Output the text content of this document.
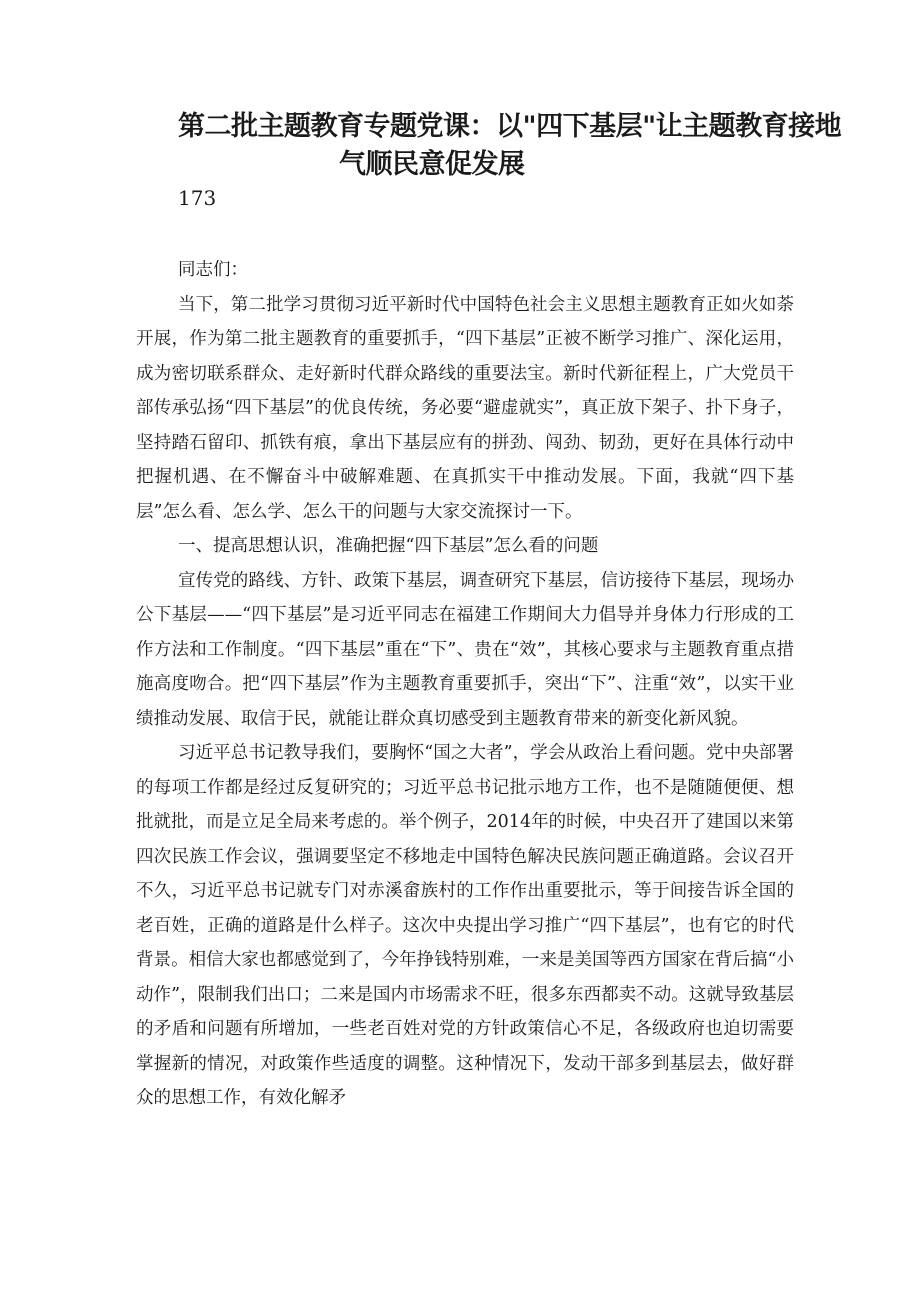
第二批主题教育专题党课：以"四下基层"让主题教育接地
气顺民意促发展
173

同志们：

当下，第二批学习贯彻习近平新时代中国特色社会主义思想主题教育正如火如荼开展，作为第二批主题教育的重要抓手，“四下基层”正被不断学习推广、深化运用，成为密切联系群众、走好新时代群众路线的重要法宝。新时代新征程上，广大党员干部传承弘扬“四下基层”的优良传统，务必要“避虚就实”，真正放下架子、扑下身子，坚持踏石留印、抓铁有痕，拿出下基层应有的拼劲、闯劲、韧劲，更好在具体行动中把握机遇、在不懈奋斗中破解难题、在真抓实干中推动发展。下面，我就“四下基层”怎么看、怎么学、怎么干的问题与大家交流探讨一下。

一、提高思想认识，准确把握“四下基层”怎么看的问题

宣传党的路线、方针、政策下基层，调查研究下基层，信访接待下基层，现场办公下基层——“四下基层”是习近平同志在福建工作期间大力倡导并身体力行形成的工作方法和工作制度。“四下基层”重在“下”、贵在“效”，其核心要求与主题教育重点措施高度吻合。把“四下基层”作为主题教育重要抓手，突出“下”、注重“效”，以实干业绩推动发展、取信于民，就能让群众真切感受到主题教育带来的新变化新风貌。

习近平总书记教导我们，要胸怀“国之大者”，学会从政治上看问题。党中央部署的每项工作都是经过反复研究的；习近平总书记批示地方工作，也不是随随便便、想批就批，而是立足全局来考虑的。举个例子，2014年的时候，中央召开了建国以来第四次民族工作会议，强调要坚定不移地走中国特色解决民族问题正确道路。会议召开不久，习近平总书记就专门对赤溪畲族村的工作作出重要批示，等于间接告诉全国的老百姓，正确的道路是什么样子。这次中央提出学习推广“四下基层”，也有它的时代背景。相信大家也都感觉到了，今年挣钱特别难，一来是美国等西方国家在背后搞“小动作”，限制我们出口；二来是国内市场需求不旺，很多东西都卖不动。这就导致基层的矛盾和问题有所增加，一些老百姓对党的方针政策信心不足，各级政府也迫切需要掌握新的情况，对政策作些适度的调整。这种情况下，发动干部多到基层去，做好群众的思想工作，有效化解矛
